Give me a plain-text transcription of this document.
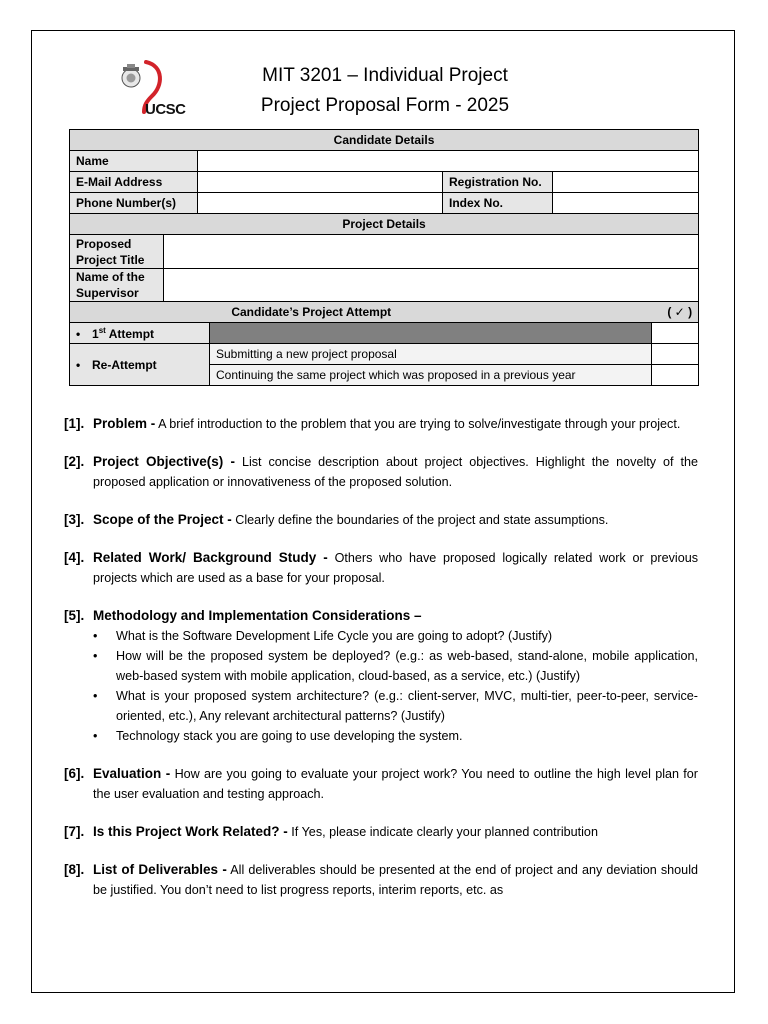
UCSC
MIT 3201 – Individual Project
Project Proposal Form - 2025
Candidate Details						
Name						
E-Mail Address				Registration No.		
Phone Number(s)				Index No.		
Project Details						
Proposed
Project Title						
Name of the
Supervisor						
Candidate’s Project Attempt					( ✓ )	
• 1st Attempt		
• Re-Attempt			Submitting a new project proposal			
			Continuing the same project which was proposed in a previous year			
[1]. Problem - A brief introduction to the problem that you are trying to solve/investigate through your project.
[2]. Project Objective(s) - List concise description about project objectives. Highlight the novelty of the proposed application or innovativeness of the proposed solution.
[3]. Scope of the Project - Clearly define the boundaries of the project and state assumptions.
[4]. Related Work/ Background Study - Others who have proposed logically related work or previous projects which are used as a base for your proposal.
[5]. Methodology and Implementation Considerations –
• What is the Software Development Life Cycle you are going to adopt? (Justify)
• How will be the proposed system be deployed? (e.g.: as web-based, stand-alone, mobile application, web-based system with mobile application, cloud-based, as a service, etc.) (Justify)
• What is your proposed system architecture? (e.g.: client-server, MVC, multi-tier, peer-to-peer, service-oriented, etc.), Any relevant architectural patterns? (Justify)
• Technology stack you are going to use developing the system.
[6]. Evaluation - How are you going to evaluate your project work? You need to outline the high level plan for the user evaluation and testing approach.
[7]. Is this Project Work Related? - If Yes, please indicate clearly your planned contribution
[8]. List of Deliverables - All deliverables should be presented at the end of project and any deviation should be justified. You don’t need to list progress reports, interim reports, etc. as
